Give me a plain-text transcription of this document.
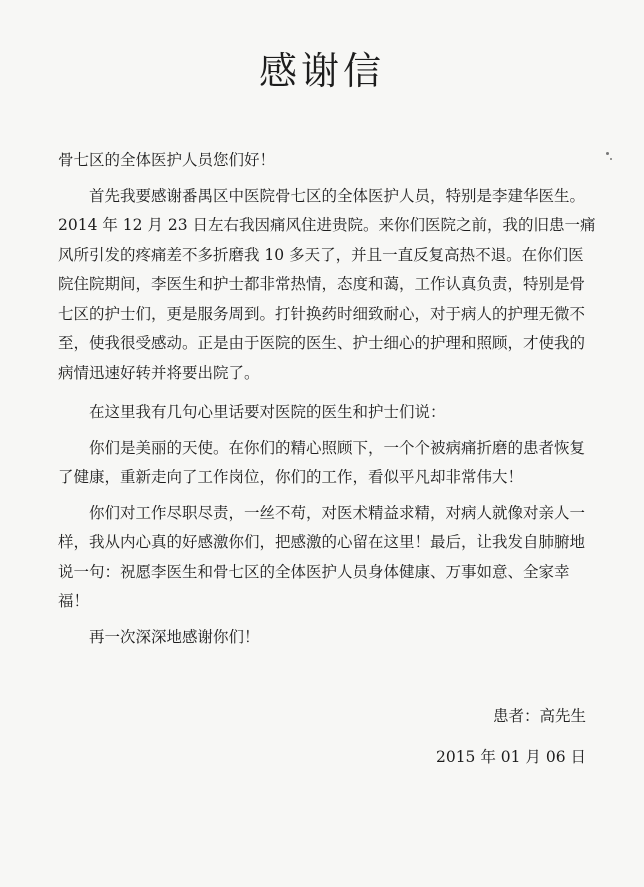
感谢信

骨七区的全体医护人员您们好！

首先我要感谢番禺区中医院骨七区的全体医护人员，特别是李建华医生。2014 年 12 月 23 日左右我因痛风住进贵院。来你们医院之前，我的旧患一痛风所引发的疼痛差不多折磨我 10 多天了，并且一直反复高热不退。在你们医院住院期间，李医生和护士都非常热情，态度和蔼，工作认真负责，特别是骨七区的护士们，更是服务周到。打针换药时细致耐心，对于病人的护理无微不至，使我很受感动。正是由于医院的医生、护士细心的护理和照顾，才使我的病情迅速好转并将要出院了。

在这里我有几句心里话要对医院的医生和护士们说：

你们是美丽的天使。在你们的精心照顾下，一个个被病痛折磨的患者恢复了健康，重新走向了工作岗位，你们的工作，看似平凡却非常伟大！

你们对工作尽职尽责，一丝不苟，对医术精益求精，对病人就像对亲人一样，我从内心真的好感激你们，把感激的心留在这里！最后，让我发自肺腑地说一句：祝愿李医生和骨七区的全体医护人员身体健康、万事如意、全家幸福！

再一次深深地感谢你们！

患者：高先生
2015 年 01 月 06 日
